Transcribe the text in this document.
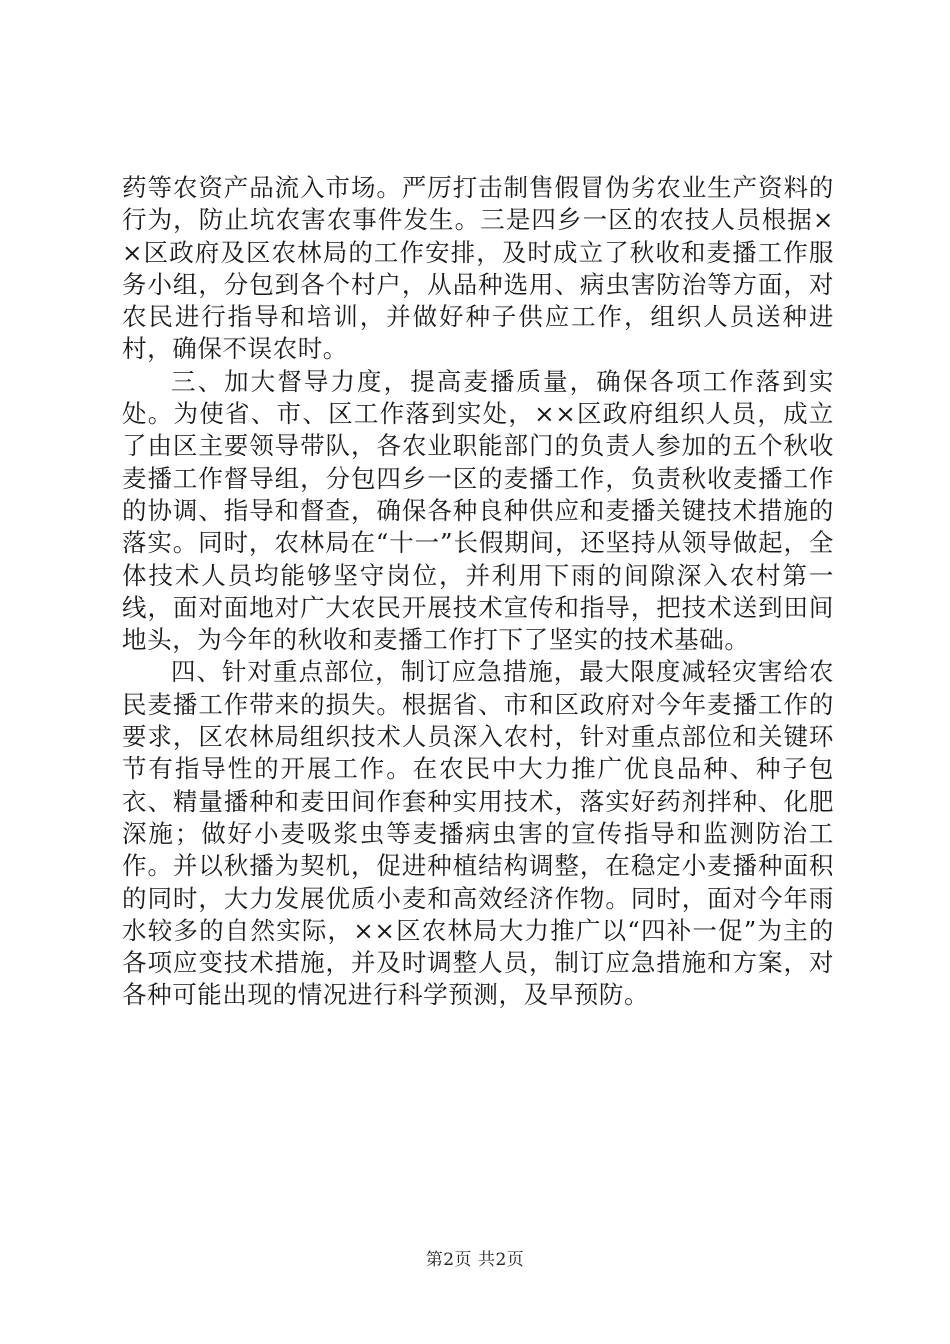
药等农资产品流入市场。严厉打击制售假冒伪劣农业生产资料的行为，防止坑农害农事件发生。三是四乡一区的农技人员根据××区政府及区农林局的工作安排，及时成立了秋收和麦播工作服务小组，分包到各个村户，从品种选用、病虫害防治等方面，对农民进行指导和培训，并做好种子供应工作，组织人员送种进村，确保不误农时。

三、加大督导力度，提高麦播质量，确保各项工作落到实处。为使省、市、区工作落到实处，××区政府组织人员，成立了由区主要领导带队，各农业职能部门的负责人参加的五个秋收麦播工作督导组，分包四乡一区的麦播工作，负责秋收麦播工作的协调、指导和督查，确保各种良种供应和麦播关键技术措施的落实。同时，农林局在“十一”长假期间，还坚持从领导做起，全体技术人员均能够坚守岗位，并利用下雨的间隙深入农村第一线，面对面地对广大农民开展技术宣传和指导，把技术送到田间地头，为今年的秋收和麦播工作打下了坚实的技术基础。

四、针对重点部位，制订应急措施，最大限度减轻灾害给农民麦播工作带来的损失。根据省、市和区政府对今年麦播工作的要求，区农林局组织技术人员深入农村，针对重点部位和关键环节有指导性的开展工作。在农民中大力推广优良品种、种子包衣、精量播种和麦田间作套种实用技术，落实好药剂拌种、化肥深施；做好小麦吸浆虫等麦播病虫害的宣传指导和监测防治工作。并以秋播为契机，促进种植结构调整，在稳定小麦播种面积的同时，大力发展优质小麦和高效经济作物。同时，面对今年雨水较多的自然实际，××区农林局大力推广以“四补一促”为主的各项应变技术措施，并及时调整人员，制订应急措施和方案，对各种可能出现的情况进行科学预测，及早预防。

第2页 共2页
